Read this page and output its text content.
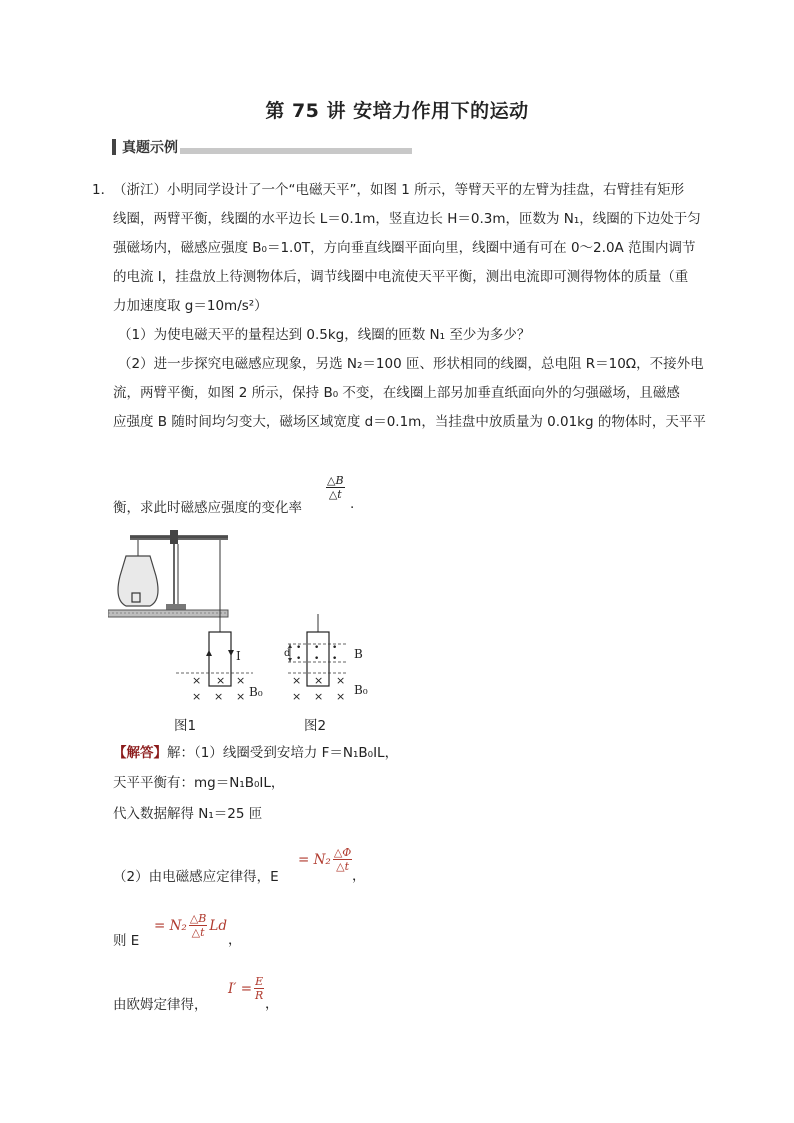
第 75 讲 安培力作用下的运动
真题示例
1．
（浙江）小明同学设计了一个“电磁天平”，如图 1 所示，等臂天平的左臂为挂盘，右臂挂有矩形
线圈，两臂平衡，线圈的水平边长 L＝0.1m，竖直边长 H＝0.3m，匝数为 N₁，线圈的下边处于匀
强磁场内，磁感应强度 B₀＝1.0T，方向垂直线圈平面向里，线圈中通有可在 0～2.0A 范围内调节
的电流 I，挂盘放上待测物体后，调节线圈中电流使天平平衡，测出电流即可测得物体的质量（重
力加速度取 g＝10m/s²）
（1）为使电磁天平的量程达到 0.5kg，线圈的匝数 N₁ 至少为多少？
（2）进一步探究电磁感应现象，另选 N₂＝100 匝、形状相同的线圈，总电阻 R＝10Ω，不接外电
流，两臂平衡，如图 2 所示，保持 B₀ 不变，在线圈上部另加垂直纸面向外的匀强磁场，且磁感
应强度 B 随时间均匀变大，磁场区域宽度 d＝0.1m，当挂盘中放质量为 0.01kg 的物体时，天平平
衡，求此时磁感应强度的变化率
$\frac{\triangle B}{\triangle t}$
.
I
× × ×
× × × B₀
d • • •
• • • B
× × ×
× × × B₀
图1	图2
【解答】解：（1）线圈受到安培力 F＝N₁B₀IL，
天平平衡有：mg＝N₁B₀IL，
代入数据解得 N₁＝25 匝
（2）由电磁感应定律得，E
= $N_2 \frac{\triangle\Phi}{\triangle t}$
，
则 E
= $N_2 \frac{\triangle B}{\triangle t}$ Ld
，
由欧姆定律得，
$I' = \frac{E}{R}$
，
